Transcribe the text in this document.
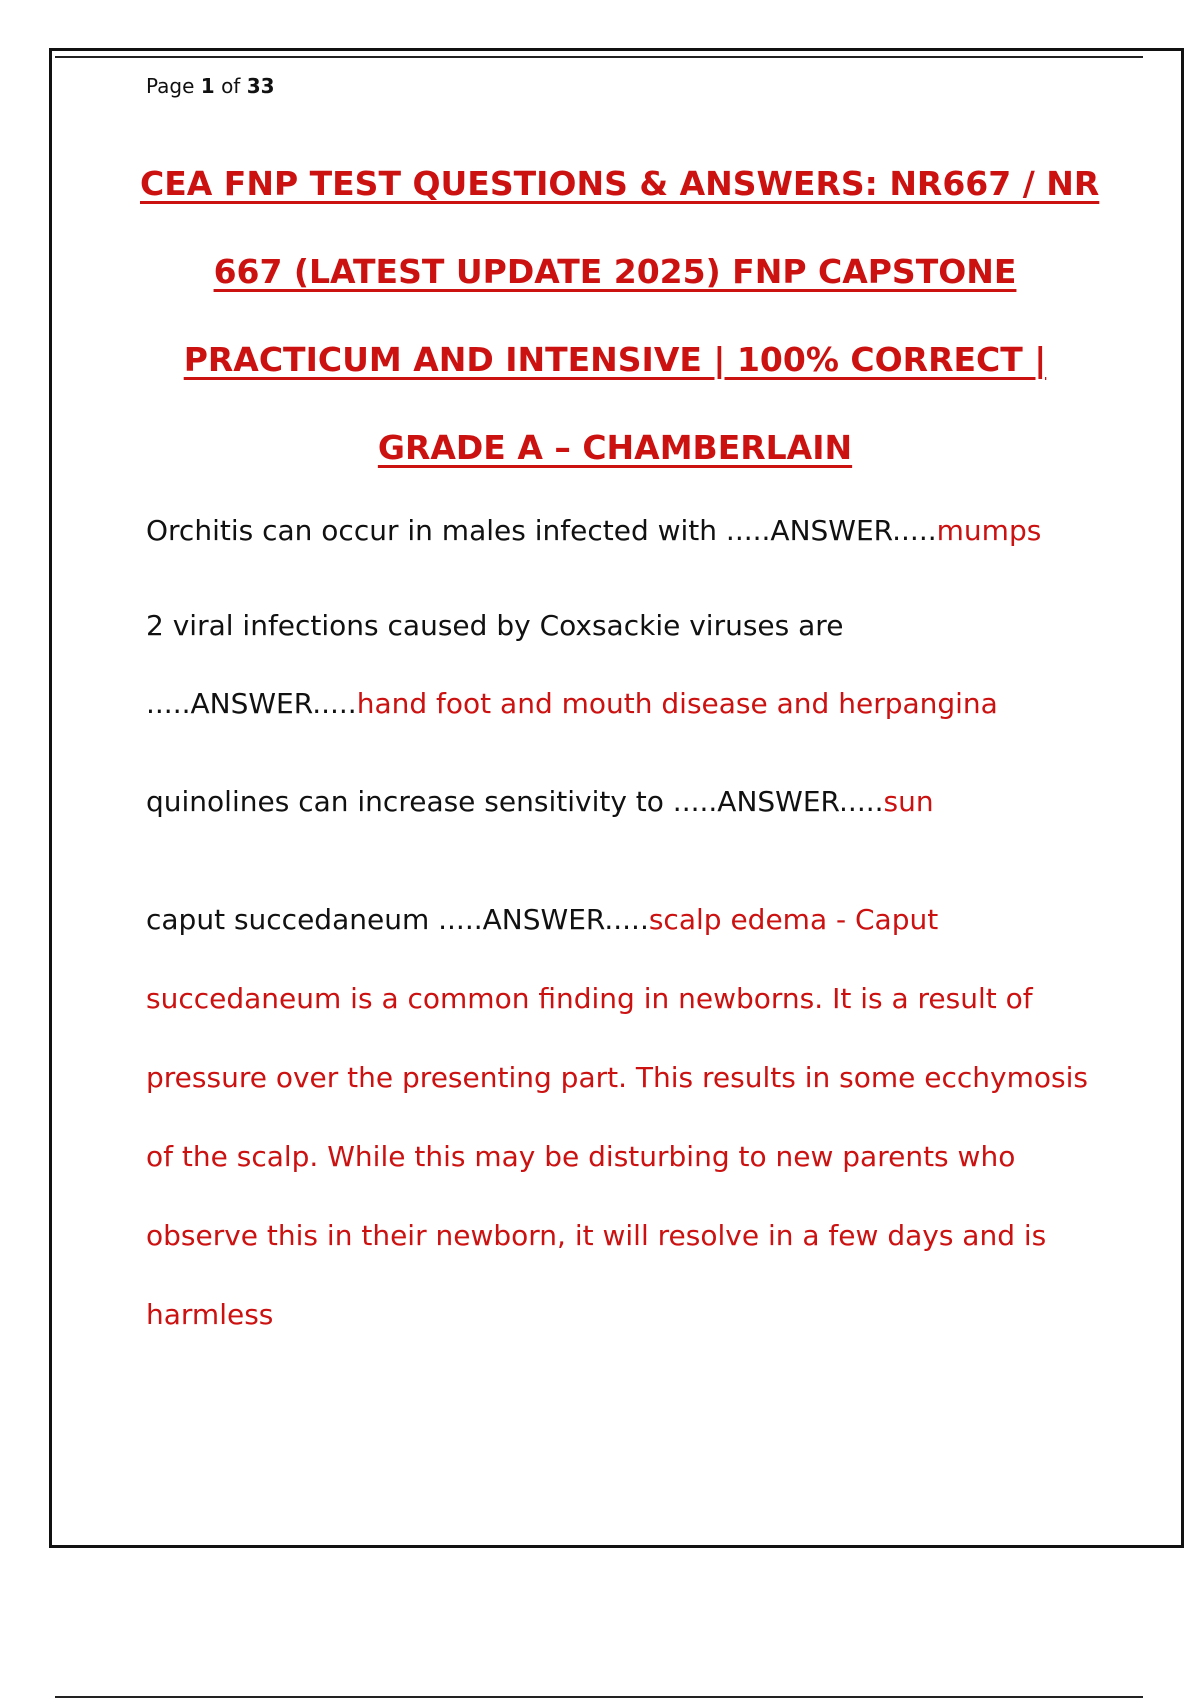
Page 1 of 33
CEA FNP TEST QUESTIONS & ANSWERS: NR667 / NR
667 (LATEST UPDATE 2025) FNP CAPSTONE
PRACTICUM AND INTENSIVE | 100% CORRECT |
GRADE A – CHAMBERLAIN
Orchitis can occur in males infected with .....ANSWER.....mumps
2 viral infections caused by Coxsackie viruses are
.....ANSWER.....hand foot and mouth disease and herpangina
quinolines can increase sensitivity to .....ANSWER.....sun
caput succedaneum .....ANSWER.....scalp edema - Caput
succedaneum is a common finding in newborns. It is a result of
pressure over the presenting part. This results in some ecchymosis
of the scalp. While this may be disturbing to new parents who
observe this in their newborn, it will resolve in a few days and is
harmless
